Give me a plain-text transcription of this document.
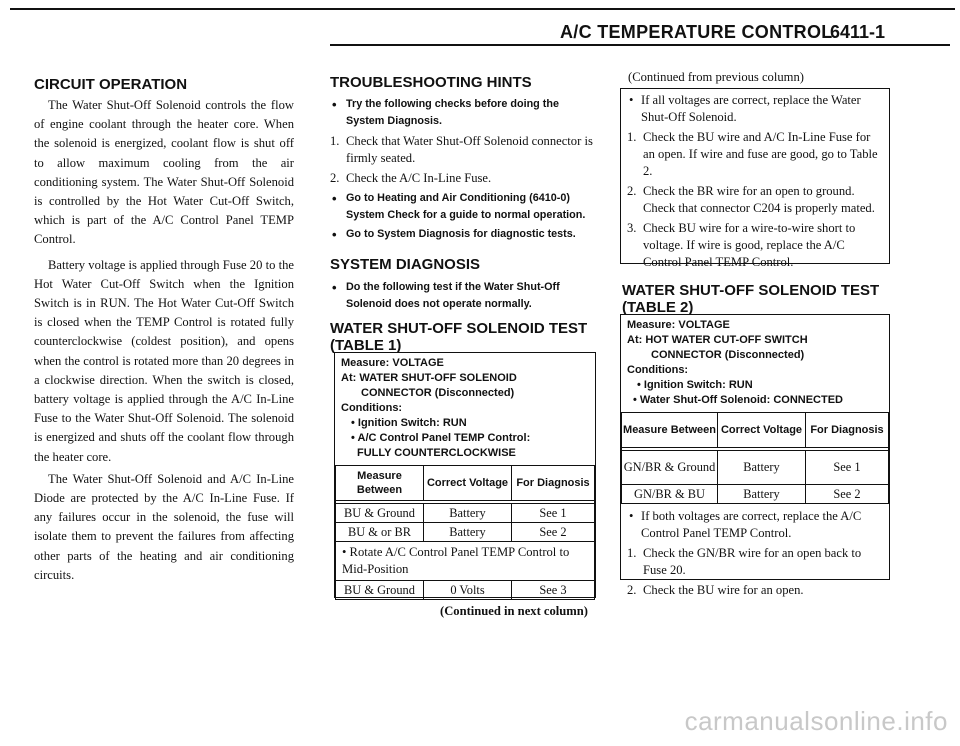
A/C TEMPERATURE CONTROL
6411-1
CIRCUIT OPERATION

The Water Shut-Off Solenoid controls the flow of engine coolant through the heater core. When the solenoid is energized, coolant flow is shut off to allow maximum cooling from the air conditioning system. The Water Shut-Off Solenoid is controlled by the Hot Water Cut-Off Switch, which is part of the A/C Control Panel TEMP Control.

Battery voltage is applied through Fuse 20 to the Hot Water Cut-Off Switch when the Ignition Switch is in RUN. The Hot Water Cut-Off Switch is closed when the TEMP Control is rotated fully counterclockwise (coldest position), and opens when the control is rotated more than 20 degrees in a clockwise direction. When the switch is closed, battery voltage is applied through the A/C In-Line Fuse to the Water Shut-Off Solenoid. The solenoid is energized and shuts off the coolant flow through the heater core.

The Water Shut-Off Solenoid and A/C In-Line Diode are protected by the A/C In-Line Fuse. If any failures occur in the solenoid, the fuse will isolate them to prevent the failures from affecting other parts of the heating and air conditioning circuits.

TROUBLESHOOTING HINTS
• Try the following checks before doing the System Diagnosis.
1. Check that Water Shut-Off Solenoid connector is firmly seated.
2. Check the A/C In-Line Fuse.
• Go to Heating and Air Conditioning (6410-0) System Check for a guide to normal operation.
• Go to System Diagnosis for diagnostic tests.
SYSTEM DIAGNOSIS
• Do the following test if the Water Shut-Off Solenoid does not operate normally.
WATER SHUT-OFF SOLENOID TEST
(TABLE 1)
Measure: VOLTAGE
At: WATER SHUT-OFF SOLENOID
CONNECTOR (Disconnected)
Conditions:
• Ignition Switch: RUN
• A/C Control Panel TEMP Control:
FULLY COUNTERCLOCKWISE
Measure Between	Correct Voltage	For Diagnosis

BU & Ground	Battery	See 1
BU & or BR	Battery	See 2
• Rotate A/C Control Panel TEMP Control to Mid-Position		
BU & Ground	0 Volts	See 3
(Continued in next column)
(Continued from previous column)
• If all voltages are correct, replace the Water Shut-Off Solenoid.
1. Check the BU wire and A/C In-Line Fuse for an open. If wire and fuse are good, go to Table 2.
2. Check the BR wire for an open to ground. Check that connector C204 is properly mated.
3. Check BU wire for a wire-to-wire short to voltage. If wire is good, replace the A/C Control Panel TEMP Control.
WATER SHUT-OFF SOLENOID TEST
(TABLE 2)
Measure: VOLTAGE
At: HOT WATER CUT-OFF SWITCH
CONNECTOR (Disconnected)
Conditions:
• Ignition Switch: RUN
• Water Shut-Off Solenoid: CONNECTED
Measure Between	Correct Voltage	For Diagnosis

GN/BR & Ground	Battery	See 1
GN/BR & BU	Battery	See 2
• If both voltages are correct, replace the A/C Control Panel TEMP Control.
1. Check the GN/BR wire for an open back to Fuse 20.
2. Check the BU wire for an open.
carmanualsonline.info
